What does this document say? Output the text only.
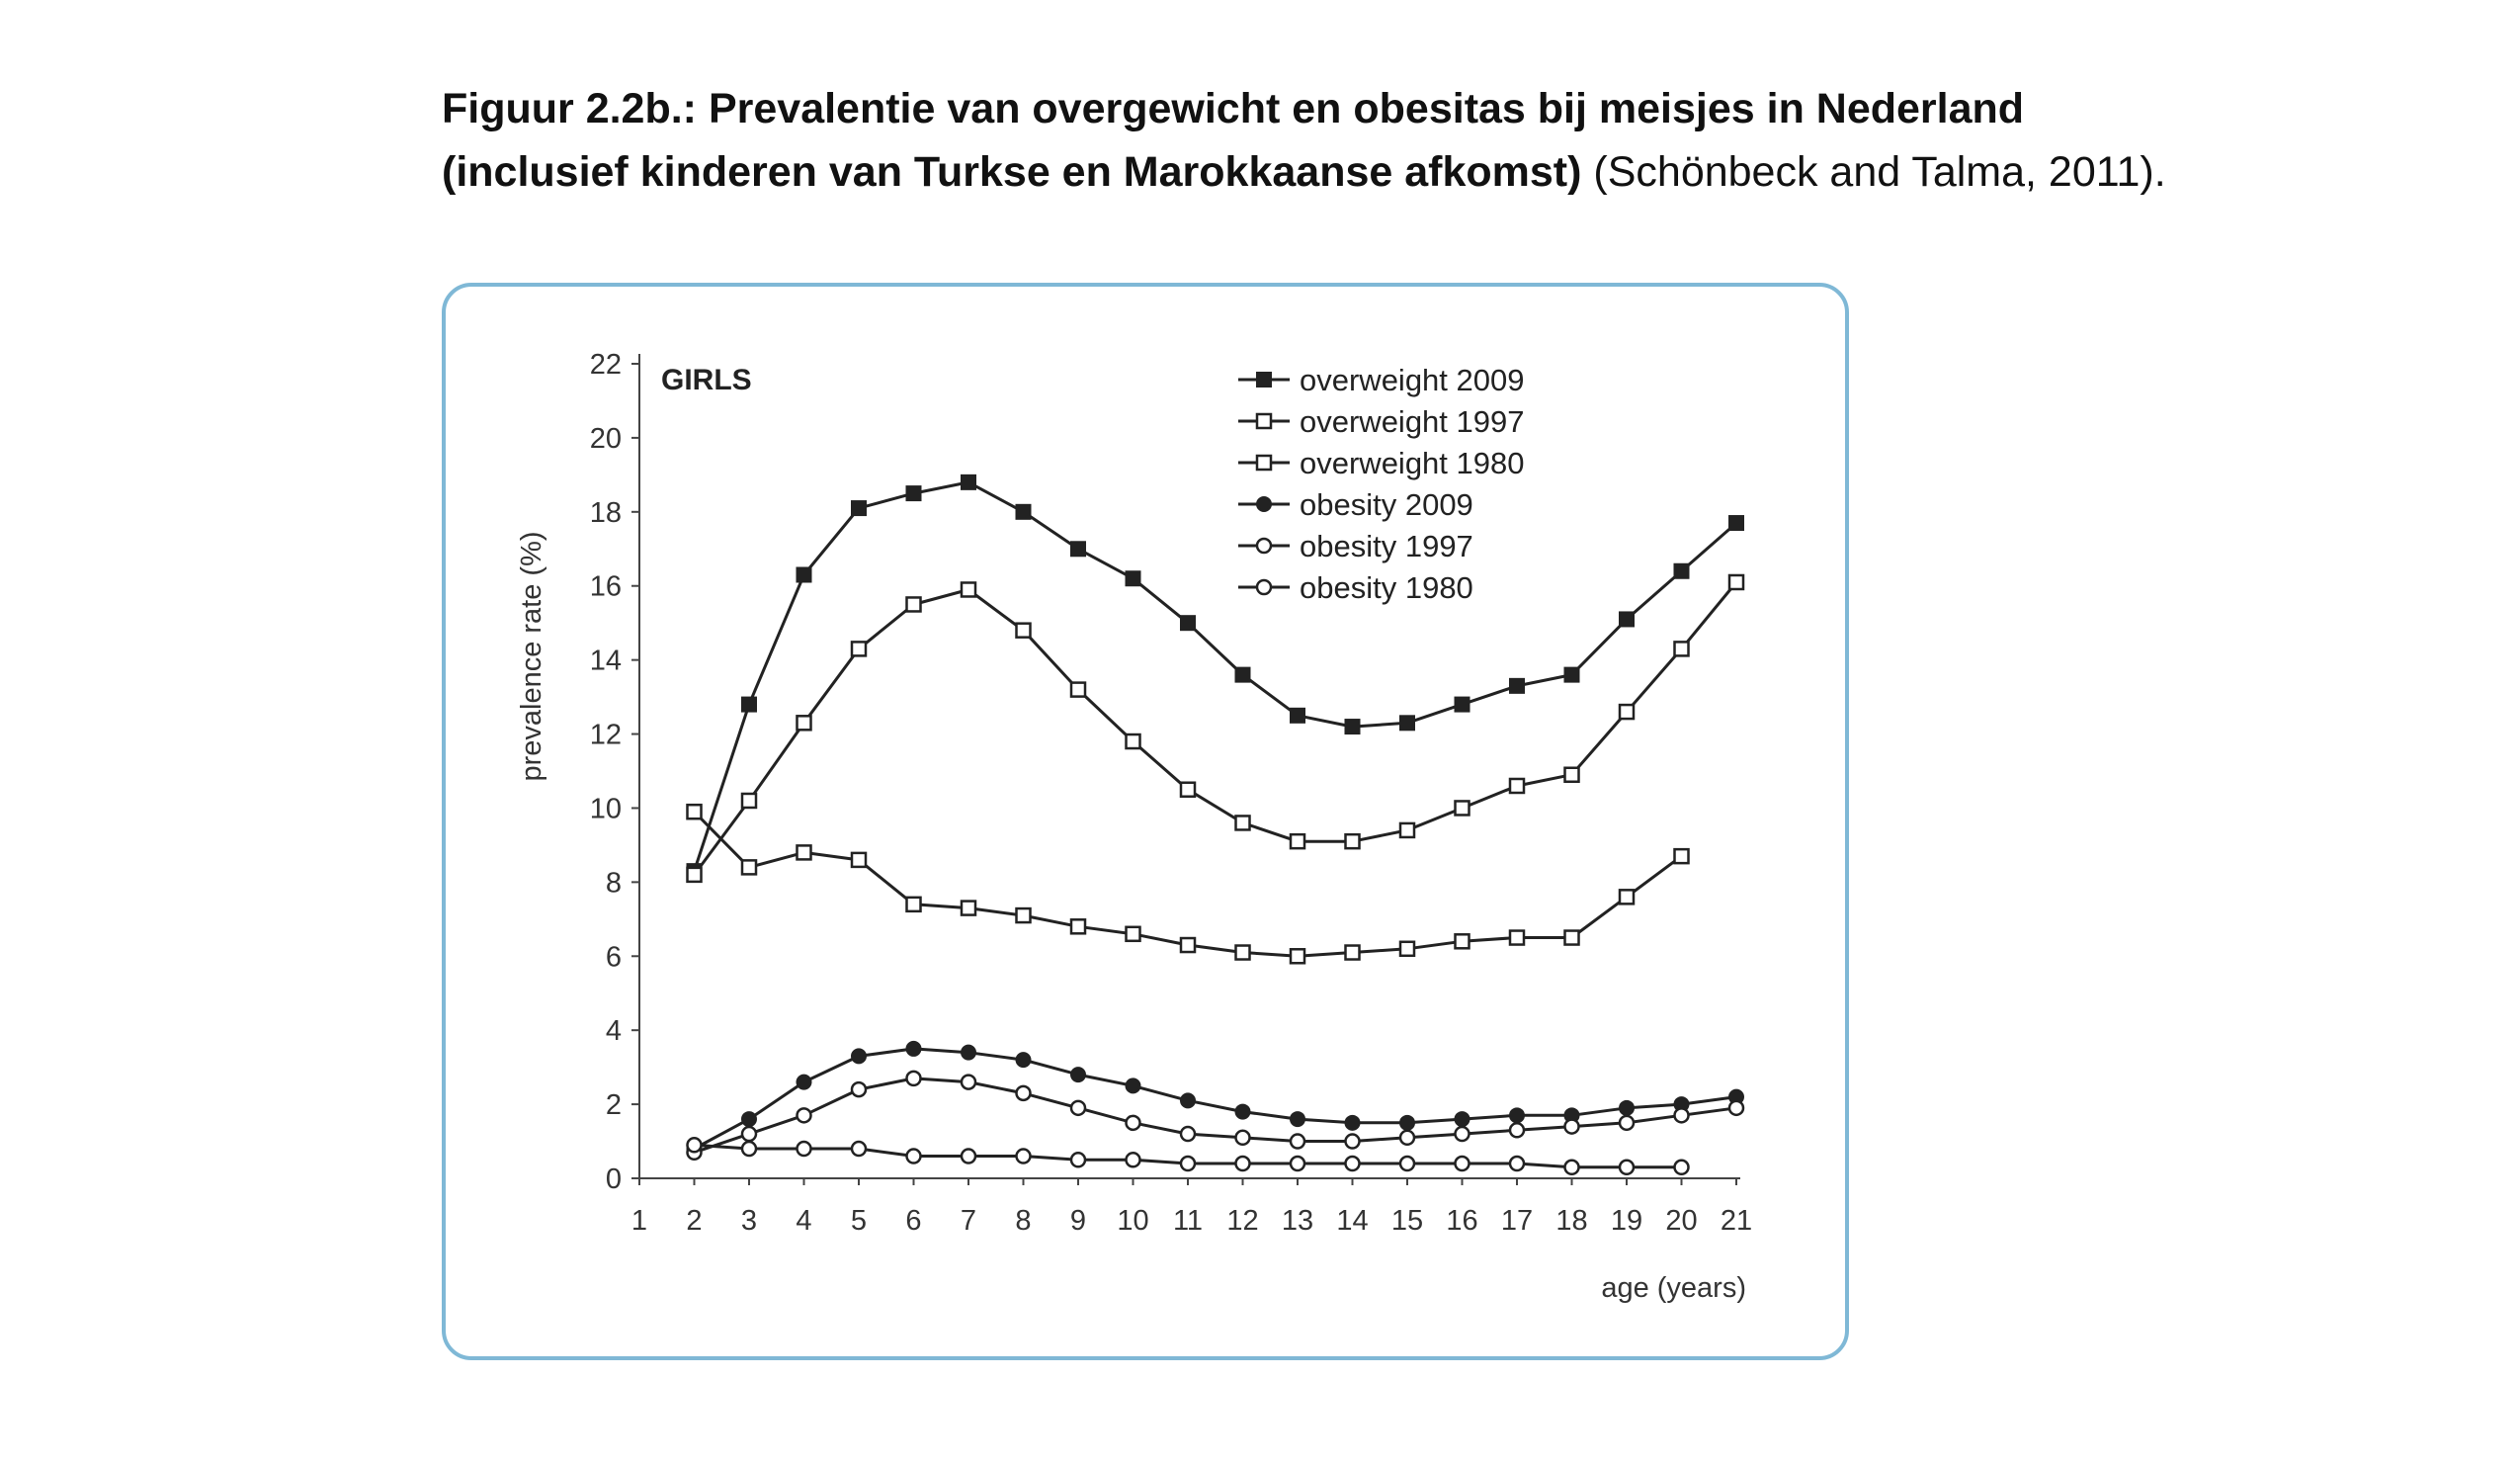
Figuur 2.2b.: Prevalentie van overgewicht en obesitas bij meisjes in Nederland
(inclusief kinderen van Turkse en Marokkaanse afkomst) (Schönbeck and Talma, 2011).
0
2
4
6
8
10
12
14
16
18
20
22
1 2 3 4 5 6 7 8 9 10 11 12 13 14 15 16 17 18 19 20 21
GIRLS
age (years)
prevalence rate (%)
overweight 2009
overweight 1997
overweight 1980
obesity 2009
obesity 1997
obesity 1980
